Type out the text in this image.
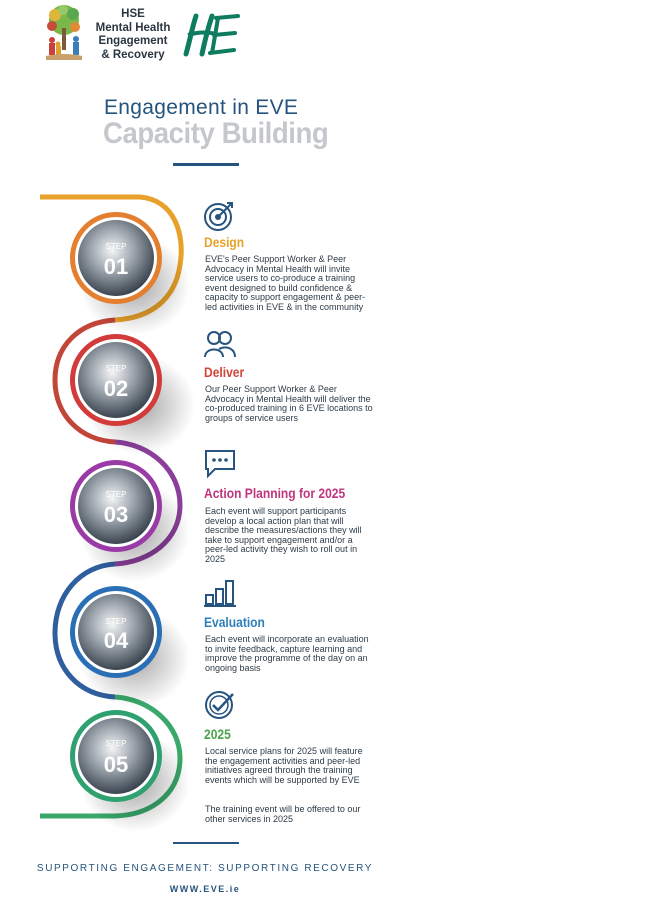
HSE
Mental Health
Engagement
& Recovery
Engagement in EVE
Capacity Building
STEP
01
STEP
02
STEP
03
STEP
04
STEP
05
Design
EVE's Peer Support Worker & Peer Advocacy in Mental Health will invite service users to co-produce a training event designed to build confidence & capacity to support engagement & peer-led activities in EVE & in the community
Deliver
Our Peer Support Worker & Peer Advocacy in Mental Health will deliver the co-produced training in 6 EVE locations to groups of service users
Action Planning for 2025
Each event will support participants develop a local action plan that will describe the measures/actions they will take to support engagement and/or a peer-led activity they wish to roll out in 2025
Evaluation
Each event will incorporate an evaluation to invite feedback, capture learning and improve the programme of the day on an ongoing basis
2025
Local service plans for 2025 will feature the engagement activities and peer-led initiatives agreed through the training events which will be supported by EVE
The training event will be offered to our other services in 2025
SUPPORTING ENGAGEMENT: SUPPORTING RECOVERY
WWW.EVE.ie
